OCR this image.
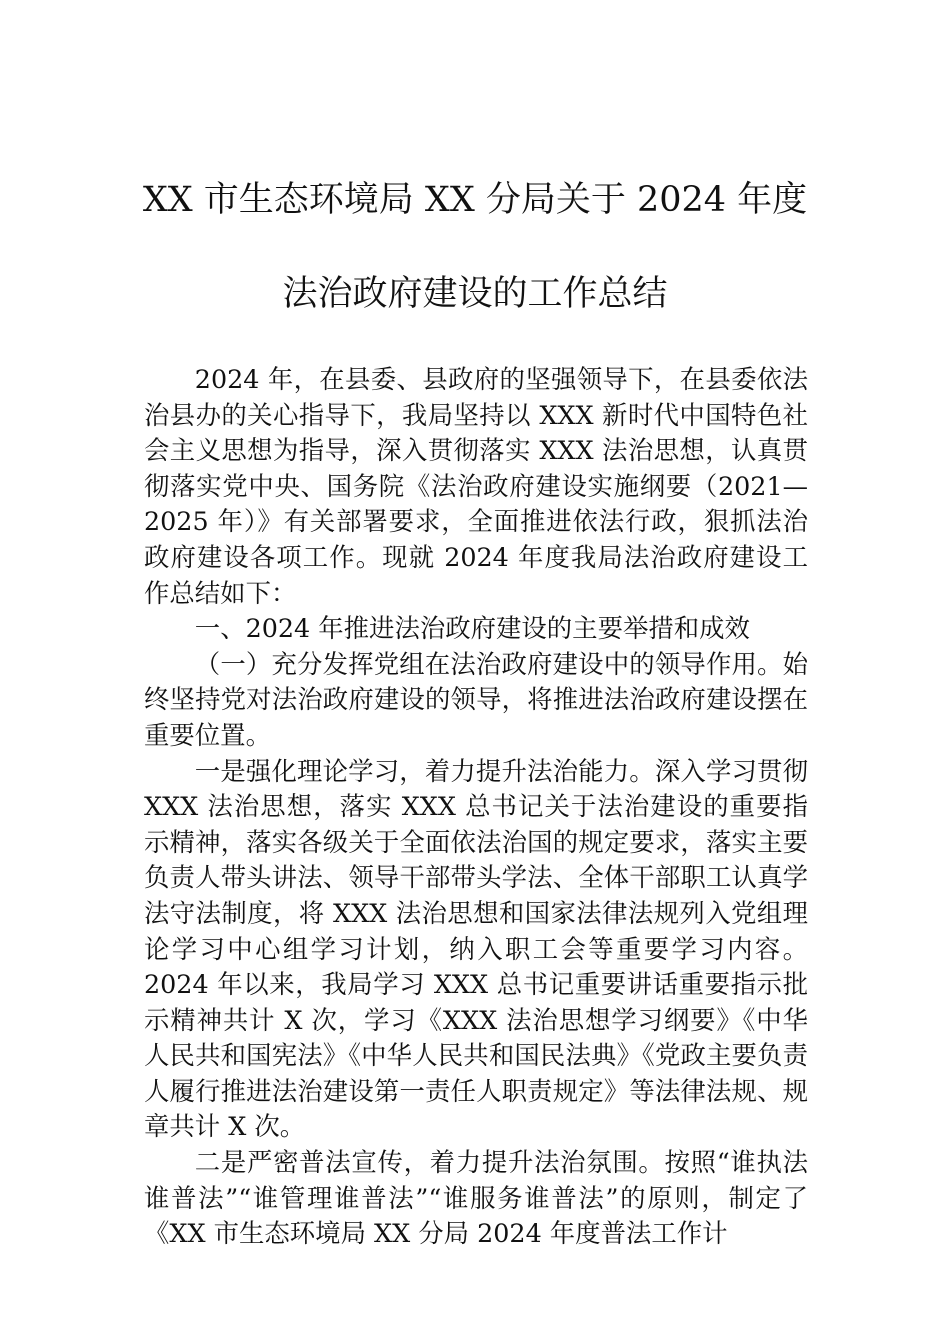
XX 市生态环境局 XX 分局关于 2024 年度
法治政府建设的工作总结

2024 年，在县委、县政府的坚强领导下，在县委依法治县办的关心指导下，我局坚持以 XXX 新时代中国特色社会主义思想为指导，深入贯彻落实 XXX 法治思想，认真贯彻落实党中央、国务院《法治政府建设实施纲要（2021—2025 年）》有关部署要求，全面推进依法行政，狠抓法治政府建设各项工作。现就 2024 年度我局法治政府建设工作总结如下：

一、2024 年推进法治政府建设的主要举措和成效

（一）充分发挥党组在法治政府建设中的领导作用。始终坚持党对法治政府建设的领导，将推进法治政府建设摆在重要位置。

一是强化理论学习，着力提升法治能力。深入学习贯彻 XXX 法治思想，落实 XXX 总书记关于法治建设的重要指示精神，落实各级关于全面依法治国的规定要求，落实主要负责人带头讲法、领导干部带头学法、全体干部职工认真学法守法制度，将 XXX 法治思想和国家法律法规列入党组理论学习中心组学习计划，纳入职工会等重要学习内容。2024 年以来，我局学习 XXX 总书记重要讲话重要指示批示精神共计 X 次，学习《XXX 法治思想学习纲要》《中华人民共和国宪法》《中华人民共和国民法典》《党政主要负责人履行推进法治建设第一责任人职责规定》等法律法规、规章共计 X 次。

二是严密普法宣传，着力提升法治氛围。按照“谁执法谁普法”“谁管理谁普法”“谁服务谁普法”的原则，制定了《XX 市生态环境局 XX 分局 2024 年度普法工作计
